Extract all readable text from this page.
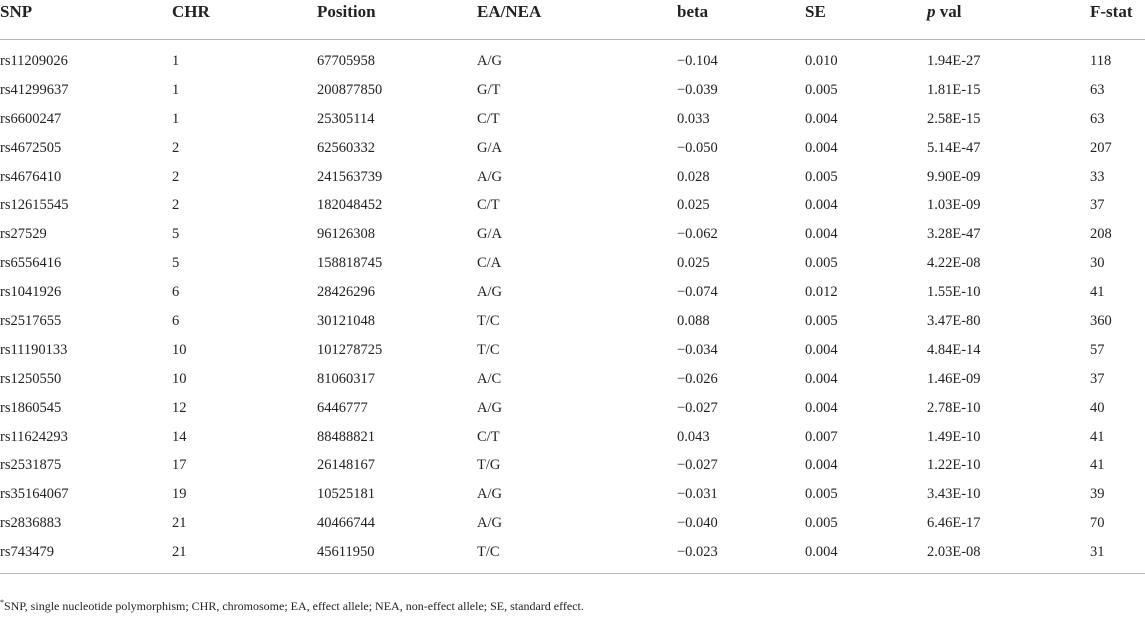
SNP	CHR	Position	EA/NEA	beta	SE	p val	F-stat
rs11209026	1	67705958	A/G	−0.104	0.010	1.94E-27	118
rs41299637	1	200877850	G/T	−0.039	0.005	1.81E-15	63
rs6600247	1	25305114	C/T	0.033	0.004	2.58E-15	63
rs4672505	2	62560332	G/A	−0.050	0.004	5.14E-47	207
rs4676410	2	241563739	A/G	0.028	0.005	9.90E-09	33
rs12615545	2	182048452	C/T	0.025	0.004	1.03E-09	37
rs27529	5	96126308	G/A	−0.062	0.004	3.28E-47	208
rs6556416	5	158818745	C/A	0.025	0.005	4.22E-08	30
rs1041926	6	28426296	A/G	−0.074	0.012	1.55E-10	41
rs2517655	6	30121048	T/C	0.088	0.005	3.47E-80	360
rs11190133	10	101278725	T/C	−0.034	0.004	4.84E-14	57
rs1250550	10	81060317	A/C	−0.026	0.004	1.46E-09	37
rs1860545	12	6446777	A/G	−0.027	0.004	2.78E-10	40
rs11624293	14	88488821	C/T	0.043	0.007	1.49E-10	41
rs2531875	17	26148167	T/G	−0.027	0.004	1.22E-10	41
rs35164067	19	10525181	A/G	−0.031	0.005	3.43E-10	39
rs2836883	21	40466744	A/G	−0.040	0.005	6.46E-17	70
rs743479	21	45611950	T/C	−0.023	0.004	2.03E-08	31
*SNP, single nucleotide polymorphism; CHR, chromosome; EA, effect allele; NEA, non-effect allele; SE, standard effect.
